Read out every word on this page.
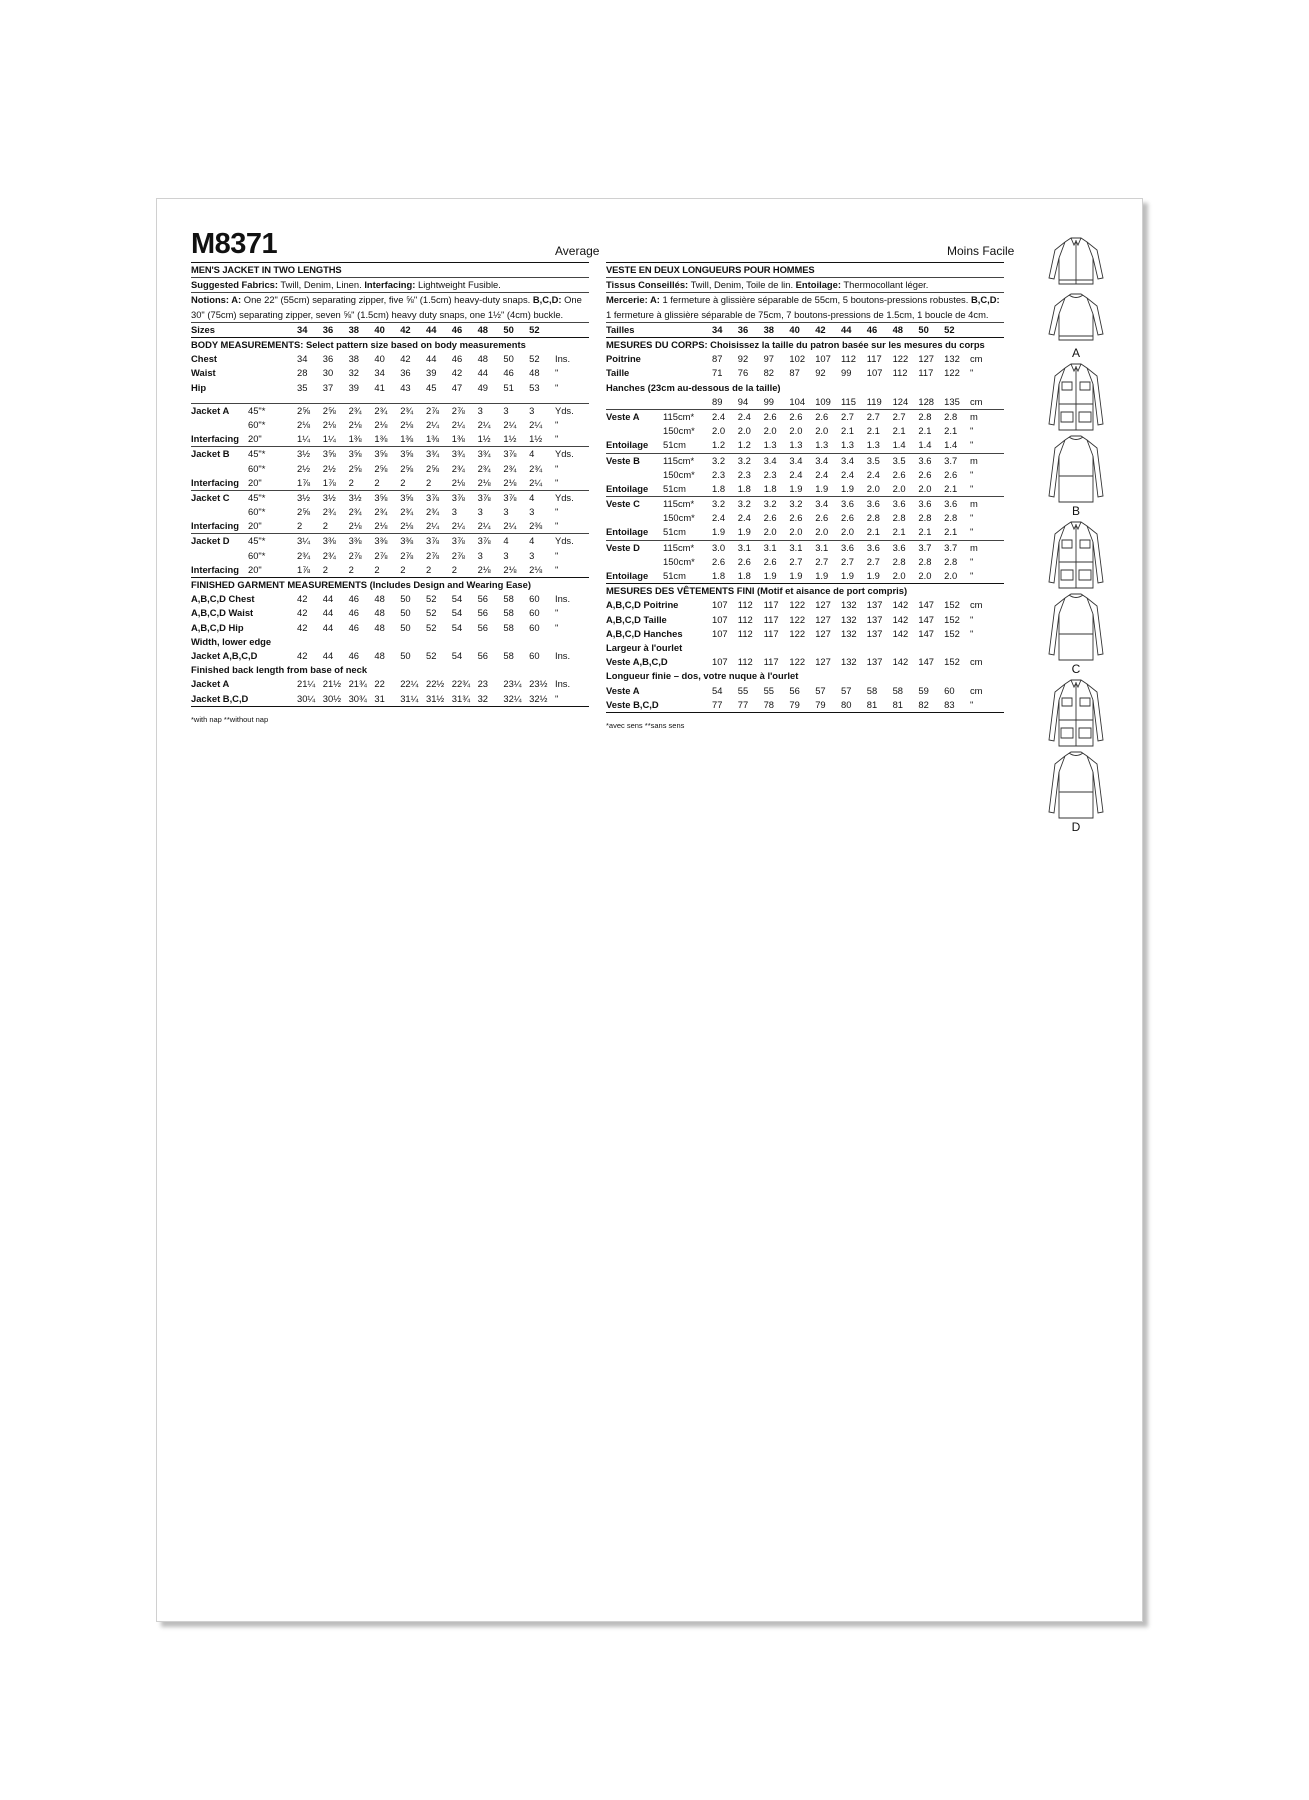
M8371	Average	Moins Facile
MEN'S JACKET IN TWO LENGTHS

Suggested Fabrics: Twill, Denim, Linen. Interfacing: Lightweight Fusible.

Notions: A: One 22" (55cm) separating zipper, five ⅝" (1.5cm) heavy-duty snaps. B,C,D: One 30" (75cm) separating zipper, seven ⅝" (1.5cm) heavy duty snaps, one 1½" (4cm) buckle.

Sizes	34	36	38	40	42	44	46	48	50	52
BODY MEASUREMENTS: Select pattern size based on body measurements
Chest	34	36	38	40	42	44	46	48	50	52	Ins.
Waist	28	30	32	34	36	39	42	44	46	48	"
Hip	35	37	39	41	43	45	47	49	51	53	"
Jacket A	45"*	2⅝	2⅝	2¾	2¾	2¾	2⅞	2⅞	3	3	3	Yds.
60"*	2⅛	2⅛	2⅛	2⅛	2⅛	2¼	2¼	2¼	2¼	2¼	"
Interfacing 20"	1¼	1¼	1⅜	1⅜	1⅜	1⅜	1⅜	1½	1½	1½	"
Jacket B	45"*	3½	3⅝	3⅝	3⅝	3⅝	3¾	3¾	3¾	3⅞	4	Yds.
60"*	2½	2½	2⅝	2⅝	2⅝	2⅝	2¾	2¾	2¾	2¾	"
Interfacing 20"	1⅞	1⅞	2	2	2	2	2⅛	2⅛	2⅛	2¼	"
Jacket C	45"*	3½	3½	3½	3⅝	3⅝	3⅞	3⅞	3⅞	3⅞	4	Yds.
60"*	2⅝	2¾	2¾	2¾	2¾	2¾	3	3	3	3	"
Interfacing 20"	2	2	2⅛	2⅛	2⅛	2¼	2¼	2¼	2¼	2⅜	"
Jacket D	45"*	3¼	3⅜	3⅜	3⅜	3⅜	3⅞	3⅞	3⅞	4	4	Yds.
60"*	2¾	2¾	2⅞	2⅞	2⅞	2⅞	2⅞	3	3	3	"
Interfacing 20"	1⅞	2	2	2	2	2	2	2⅛	2⅛	2⅛	"
FINISHED GARMENT MEASUREMENTS (Includes Design and Wearing Ease)
A,B,C,D Chest	42	44	46	48	50	52	54	56	58	60	Ins.
A,B,C,D Waist	42	44	46	48	50	52	54	56	58	60	"
A,B,C,D Hip	42	44	46	48	50	52	54	56	58	60	"
Width, lower edge
Jacket A,B,C,D	42	44	46	48	50	52	54	56	58	60	Ins.
Finished back length from base of neck
Jacket A	21¼ 21½ 21¾ 22	22¼ 22½ 22¾ 23	23¼ 23½ Ins.
Jacket B,C,D	30¼ 30½ 30¾ 31	31¼ 31½ 31¾ 32	32¼ 32½ "
*with nap **without nap
VESTE EN DEUX LONGUEURS POUR HOMMES

Tissus Conseillés: Twill, Denim, Toile de lin. Entoilage: Thermocollant léger.

Mercerie: A: 1 fermeture à glissière séparable de 55cm, 5 boutons-pressions robustes. B,C,D: 1 fermeture à glissière séparable de 75cm, 7 boutons-pressions de 1.5cm, 1 boucle de 4cm.

Tailles	34	36	38	40	42	44	46	48	50	52
MESURES DU CORPS: Choisissez la taille du patron basée sur les mesures du corps
Poitrine	87	92	97	102	107	112	117	122	127	132	cm
Taille	71	76	82	87	92	99	107	112	117	122	"
Hanches (23cm au-dessous de la taille)
89	94	99	104	109	115	119	124	128	135	cm
Veste A	115cm*	2.4	2.4	2.6	2.6	2.6	2.7	2.7	2.7	2.8	2.8	m
150cm*	2.0	2.0	2.0	2.0	2.0	2.1	2.1	2.1	2.1	2.1	"
Entoilage	51cm	1.2	1.2	1.3	1.3	1.3	1.3	1.3	1.4	1.4	1.4	"
Veste B	115cm*	3.2	3.2	3.4	3.4	3.4	3.4	3.5	3.5	3.6	3.7	m
150cm*	2.3	2.3	2.3	2.4	2.4	2.4	2.4	2.6	2.6	2.6	"
Entoilage	51cm	1.8	1.8	1.8	1.9	1.9	1.9	2.0	2.0	2.0	2.1	"
Veste C	115cm*	3.2	3.2	3.2	3.2	3.4	3.6	3.6	3.6	3.6	3.6	m
150cm*	2.4	2.4	2.6	2.6	2.6	2.6	2.8	2.8	2.8	2.8	"
Entoilage	51cm	1.9	1.9	2.0	2.0	2.0	2.0	2.1	2.1	2.1	2.1	"
Veste D	115cm*	3.0	3.1	3.1	3.1	3.1	3.6	3.6	3.6	3.7	3.7	m
150cm*	2.6	2.6	2.6	2.7	2.7	2.7	2.7	2.8	2.8	2.8	"
Entoilage	51cm	1.8	1.8	1.9	1.9	1.9	1.9	1.9	2.0	2.0	2.0	"
MESURES DES VÊTEMENTS FINI (Motif et aisance de port compris)
A,B,C,D Poitrine	107	112	117	122	127	132	137	142	147	152	cm
A,B,C,D Taille	107	112	117	122	127	132	137	142	147	152	"
A,B,C,D Hanches	107	112	117	122	127	132	137	142	147	152	"
Largeur à l'ourlet
Veste A,B,C,D	107	112	117	122	127	132	137	142	147	152	cm
Longueur finie – dos, votre nuque à l'ourlet
Veste A	54	55	55	56	57	57	58	58	59	60	cm
Veste B,C,D	77	77	78	79	79	80	81	81	82	83	"
*avec sens **sans sens
A
B
C
D
